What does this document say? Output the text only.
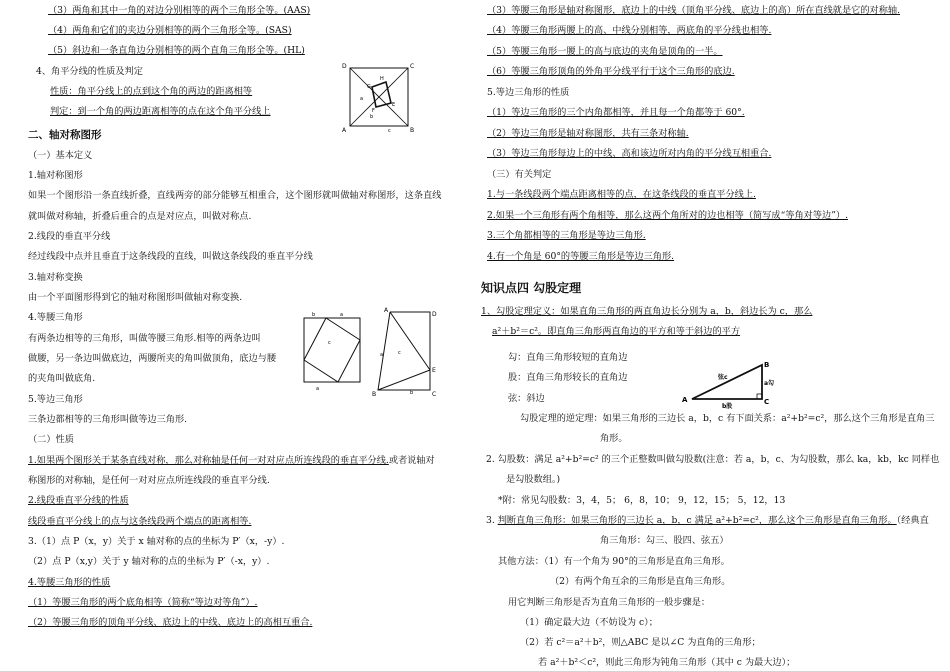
（3）两角和其中一角的对边分别相等的两个三角形全等。(AAS)
（4）两角和它们的夹边分别相等的两个三角形全等。(SAS)
（5）斜边和一条直角边分别相等的两个直角三角形全等。(HL)
4、角平分线的性质及判定
性质：角平分线上的点到这个角的两边的距离相等
判定：到一个角的两边距离相等的点在这个角平分线上
二、轴对称图形
（一）基本定义
1.轴对称图形
如果一个图形沿一条直线折叠，直线两旁的部分能够互相重合，这个图形就叫做轴对称图形，这条直线
就叫做对称轴，折叠后重合的点是对应点，叫做对称点.
2.线段的垂直平分线
经过线段中点并且垂直于这条线段的直线，叫做这条线段的垂直平分线
3.轴对称变换
由一个平面图形得到它的轴对称图形叫做轴对称变换.
4.等腰三角形
有两条边相等的三角形，叫做等腰三角形.相等的两条边叫
做腰，另一条边叫做底边，两腰所夹的角叫做顶角，底边与腰
的夹角叫做底角.
5.等边三角形
三条边都相等的三角形叫做等边三角形.
（二）性质
1.如果两个图形关于某条直线对称，那么对称轴是任何一对对应点所连线段的垂直平分线.或者说轴对
称图形的对称轴，是任何一对对应点所连线段的垂直平分线.
2.线段垂直平分线的性质
线段垂直平分线上的点与这条线段两个端点的距离相等.
3.（1）点 P（x，y）关于 x 轴对称的点的坐标为 P′（x，-y）.
（2）点 P（x,y）关于 y 轴对称的点的坐标为 P′（-x，y）.
4.等腰三角形的性质
（1）等腰三角形的两个底角相等（简称“等边对等角”）.
（2）等腰三角形的顶角平分线、底边上的中线、底边上的高相互重合.
D	C
A	B
H
G
E
F
a
b
c
b	a
c
a
A
D
E
B	C
c
a
b
（3）等腰三角形是轴对称图形，底边上的中线（顶角平分线、底边上的高）所在直线就是它的对称轴.
（4）等腰三角形两腰上的高、中线分别相等，两底角的平分线也相等.
（5）等腰三角形一腰上的高与底边的夹角是顶角的一半。
（6）等腰三角形顶角的外角平分线平行于这个三角形的底边.
5.等边三角形的性质
（1）等边三角形的三个内角都相等，并且每一个角都等于 60°.
（2）等边三角形是轴对称图形，共有三条对称轴.
（3）等边三角形每边上的中线、高和该边所对内角的平分线互相重合.
（三）有关判定
1.与一条线段两个端点距离相等的点，在这条线段的垂直平分线上.
2.如果一个三角形有两个角相等，那么这两个角所对的边也相等（简写成“等角对等边”）.
3.三个角都相等的三角形是等边三角形.
4.有一个角是 60°的等腰三角形是等边三角形.
知识点四 勾股定理
1、勾股定理定义：如果直角三角形的两直角边长分别为 a，b，斜边长为 c，那么
a²＋b²＝c²。即直角三角形两直角边的平方和等于斜边的平方
勾：直角三角形较短的直角边
股：直角三角形较长的直角边
弦：斜边
勾股定理的逆定理：如果三角形的三边长 a，b，c 有下面关系：a²+b²=c²，那么这个三角形是直角三
角形。
2. 勾股数：满足 a²+b²=c² 的三个正整数叫做勾股数(注意：若 a，b，c、为勾股数，那么 ka，kb，kc 同样也
是勾股数组。)
*附：常见勾股数：3，4，5； 6，8，10； 9，12，15； 5，12，13
3. 判断直角三角形：如果三角形的三边长 a，b，c 满足 a²+b²=c²，那么这个三角形是直角三角形。（经典直
角三角形：勾三、股四、弦五）
其他方法：（1）有一个角为 90°的三角形是直角三角形。
（2）有两个角互余的三角形是直角三角形。
用它判断三角形是否为直角三角形的一般步骤是：
（1）确定最大边（不妨设为 c）；
（2）若 c²＝a²＋b²，则△ABC 是以∠C 为直角的三角形；
若 a²＋b²＜c²，则此三角形为钝角三角形（其中 c 为最大边）；
A
B
C
弦c
a勾
b股
